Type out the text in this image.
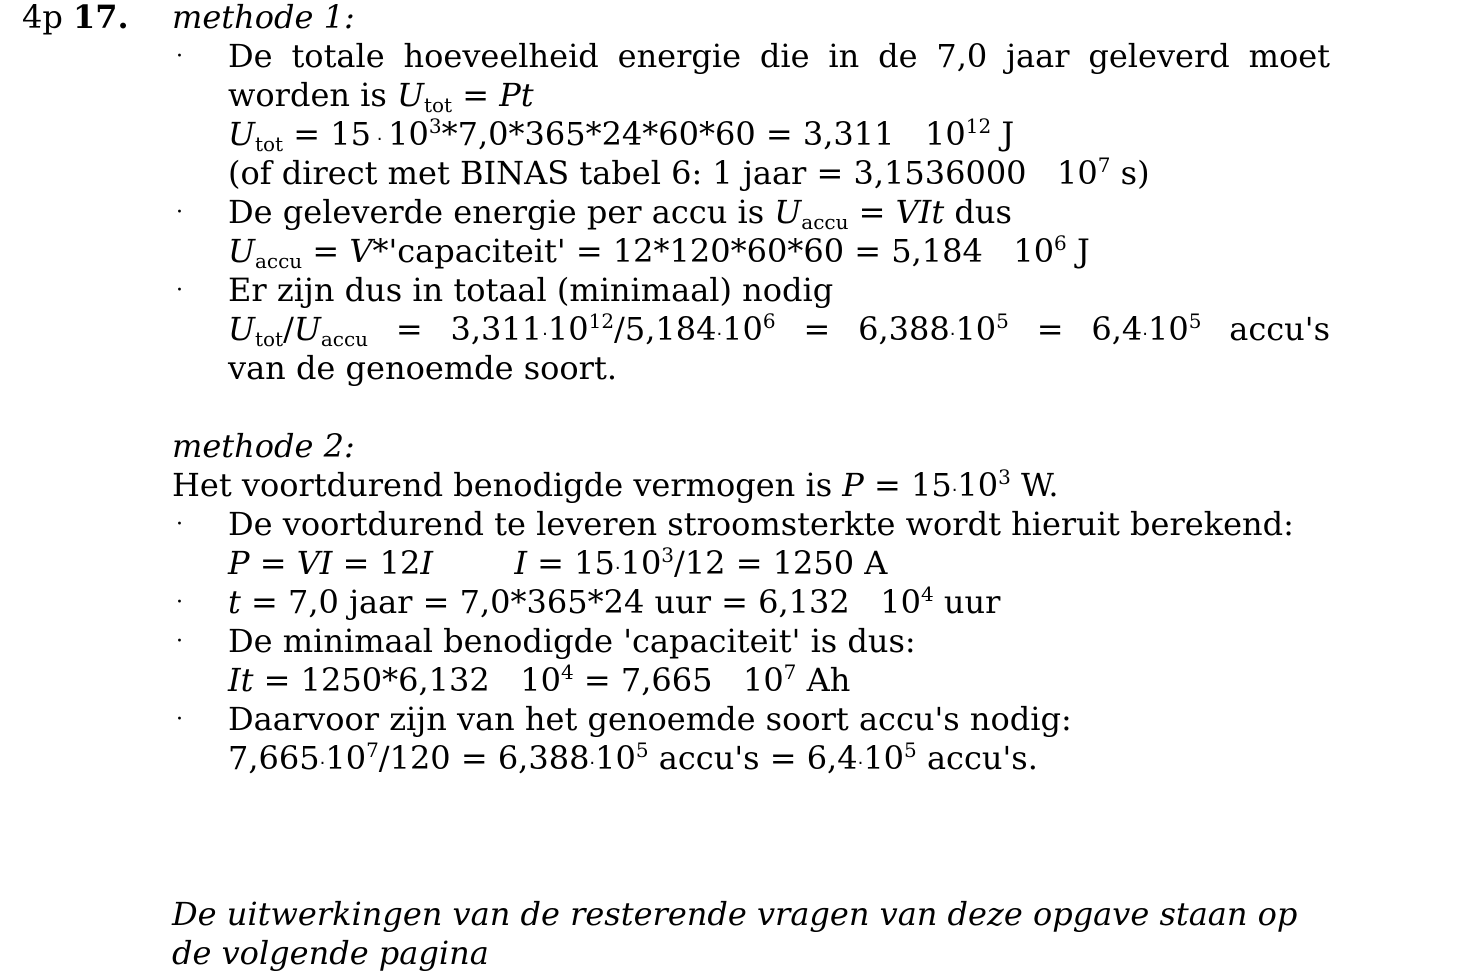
4p 17. methode 1:
· De totale hoeveelheid energie die in de 7,0 jaar geleverd moet
worden is $U_{tot} = Pt$
$U_{tot} = 15 \cdot 10^3*7,0*365*24*60*60 = 3,311$   $10^{12}$ J
(of direct met BINAS tabel 6: 1 jaar = 3,1536000   $10^7$ s)
· De geleverde energie per accu is $U_{accu}$ = VIt dus
$U_{accu}$ = V*'capaciteit' = 12*120*60*60 = 5,184   $10^6$ J
· Er zijn dus in totaal (minimaal) nodig
$U_{tot}/U_{accu} = 3,311\cdot 10^{12}/5,184\cdot 10^6 = 6,388\cdot 10^5 = 6,4\cdot 10^5$ accu's
van de genoemde soort.
methode 2:
Het voortdurend benodigde vermogen is $P = 15\cdot 10^3$ W.
· De voortdurend te leveren stroomsterkte wordt hieruit berekend:
P = VI = 12I	$I = 15\cdot 10^3/12 = 1250$ A
· t = 7,0 jaar = 7,0*365*24 uur = 6,132   $10^4$ uur
· De minimaal benodigde 'capaciteit' is dus:
It = 1250*6,132   $10^4 = 7,665$   $10^7$ Ah
· Daarvoor zijn van het genoemde soort accu's nodig:
$7,665\cdot 10^7/120 = 6,388\cdot 10^5$ accu's = $6,4\cdot 10^5$ accu's.
De uitwerkingen van de resterende vragen van deze opgave staan op
de volgende pagina
